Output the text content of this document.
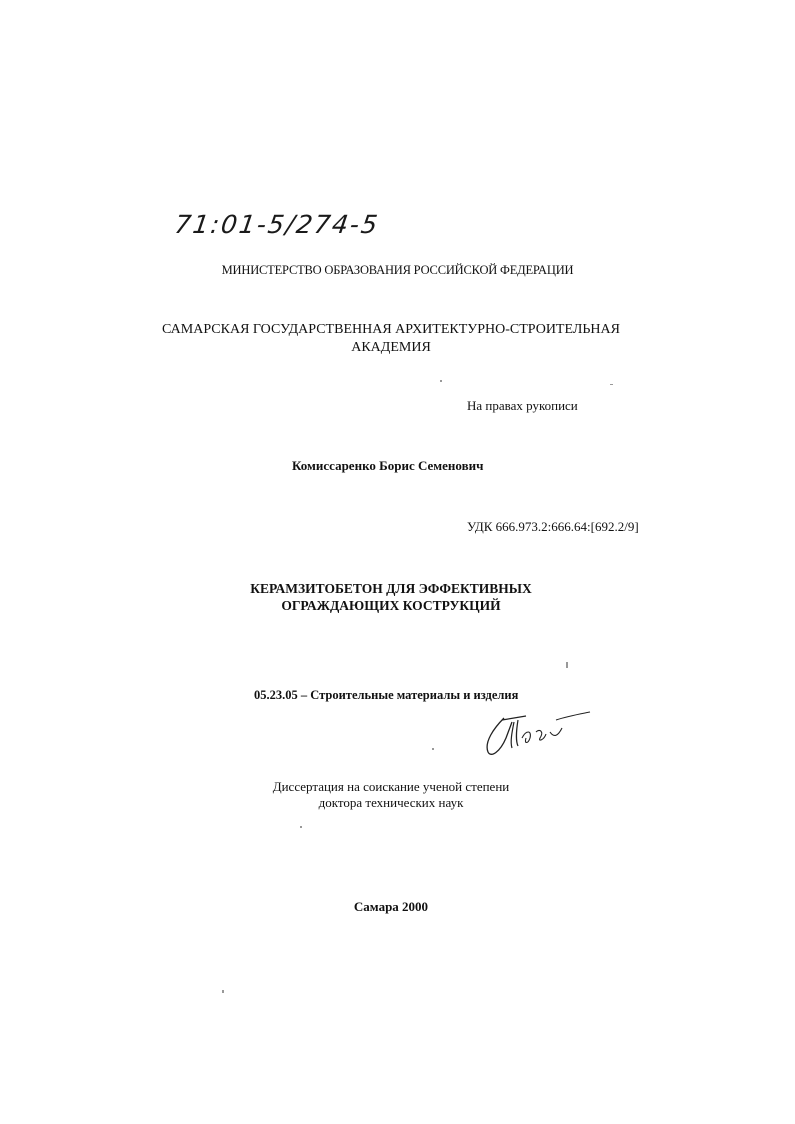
71:01-5/274-5
МИНИСТЕРСТВО ОБРАЗОВАНИЯ РОССИЙСКОЙ ФЕДЕРАЦИИ
САМАРСКАЯ ГОСУДАРСТВЕННАЯ АРХИТЕКТУРНО-СТРОИТЕЛЬНАЯ
АКАДЕМИЯ
На правах рукописи
Комиссаренко Борис Семенович
УДК 666.973.2:666.64:[692.2/9]
КЕРАМЗИТОБЕТОН ДЛЯ ЭФФЕКТИВНЫХ
ОГРАЖДАЮЩИХ КОСТРУКЦИЙ
05.23.05 – Строительные материалы и изделия
Диссертация на соискание ученой степени
доктора технических наук
Самара 2000
